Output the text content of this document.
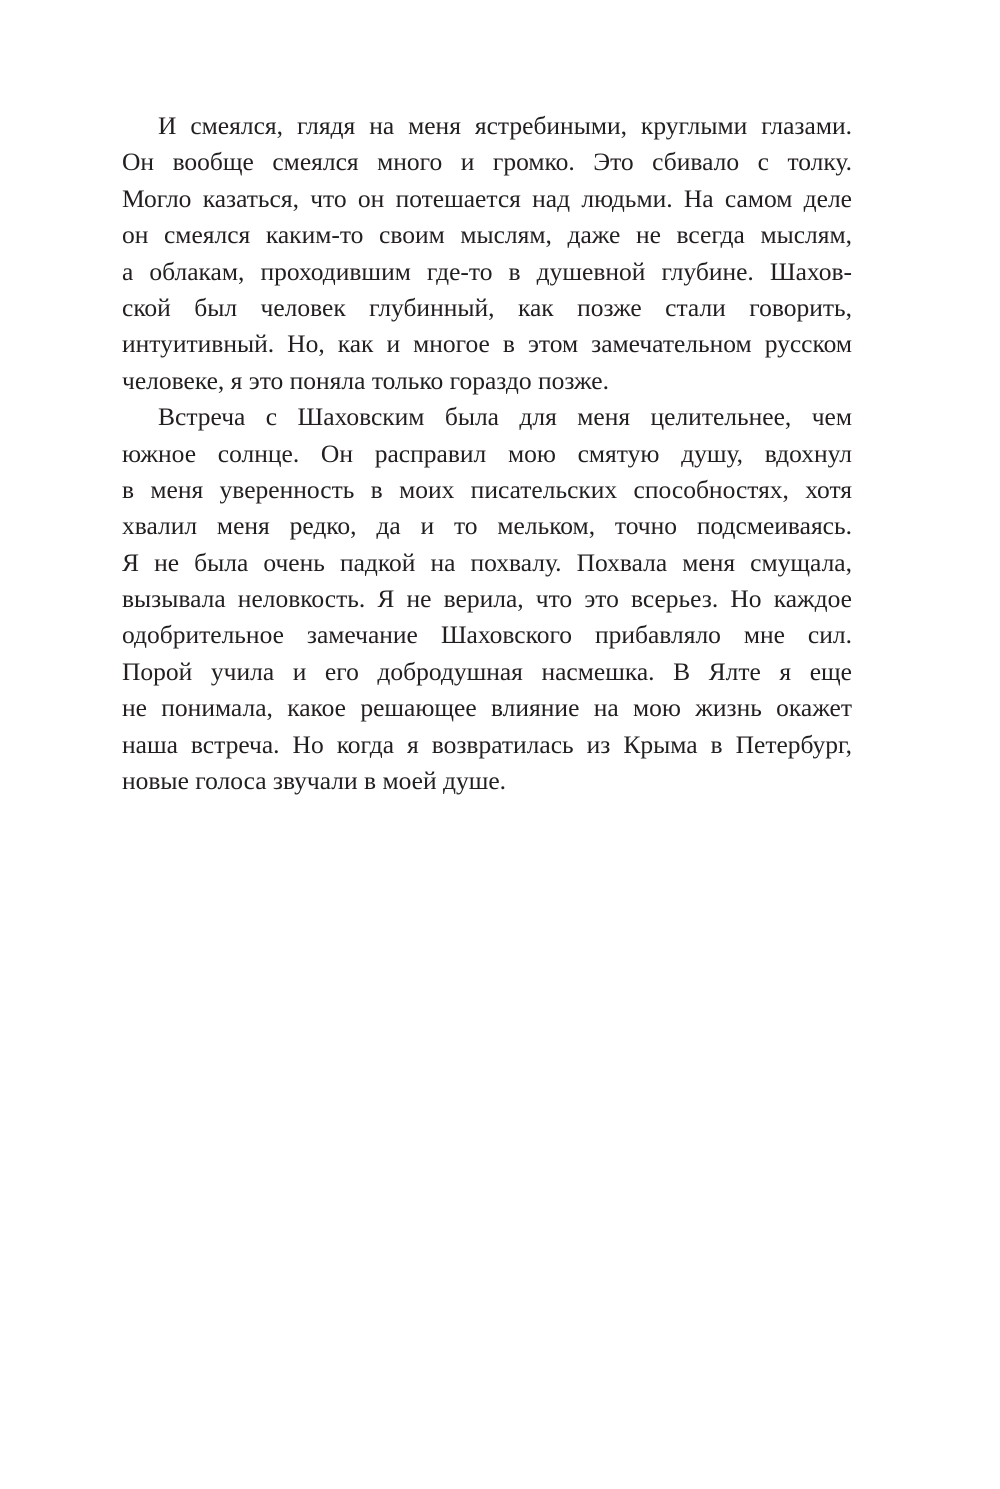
И смеялся, глядя на меня ястребиными, круглыми глазами.
Он вообще смеялся много и громко. Это сбивало с толку.
Могло казаться, что он потешается над людьми. На самом деле
он смеялся каким-то своим мыслям, даже не всегда мыслям,
а облакам, проходившим где-то в душевной глубине. Шахов-
ской был человек глубинный, как позже стали говорить,
интуитивный. Но, как и многое в этом замечательном русском
человеке, я это поняла только гораздо позже.
Встреча с Шаховским была для меня целительнее, чем
южное солнце. Он расправил мою смятую душу, вдохнул
в меня уверенность в моих писательских способностях, хотя
хвалил меня редко, да и то мельком, точно подсмеиваясь.
Я не была очень падкой на похвалу. Похвала меня смущала,
вызывала неловкость. Я не верила, что это всерьез. Но каждое
одобрительное замечание Шаховского прибавляло мне сил.
Порой учила и его добродушная насмешка. В Ялте я еще
не понимала, какое решающее влияние на мою жизнь окажет
наша встреча. Но когда я возвратилась из Крыма в Петербург,
новые голоса звучали в моей душе.
